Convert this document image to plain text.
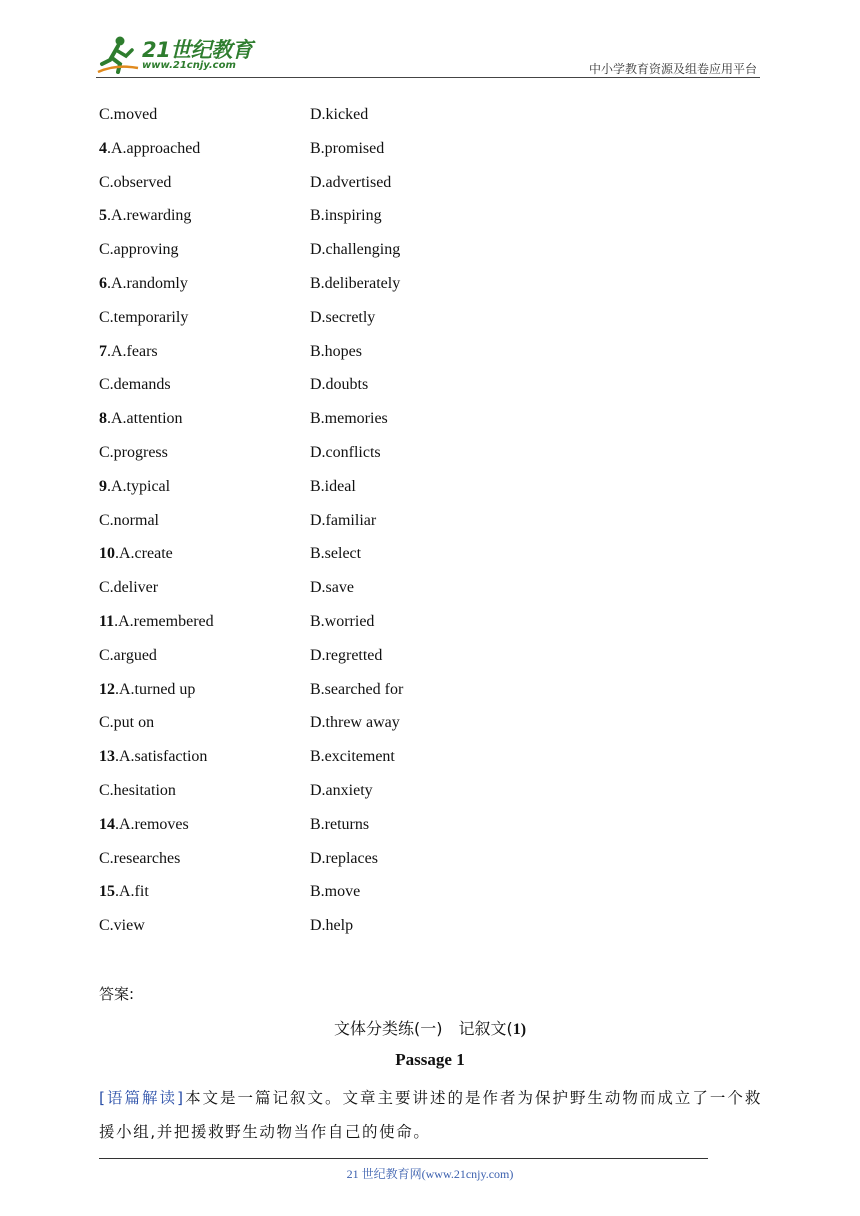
21世纪教育
www.21cnjy.com	中小学教育资源及组卷应用平台
C.moved	D.kicked
4.A.approached	B.promised
C.observed	D.advertised
5.A.rewarding	B.inspiring
C.approving	D.challenging
6.A.randomly	B.deliberately
C.temporarily	D.secretly
7.A.fears	B.hopes
C.demands	D.doubts
8.A.attention	B.memories
C.progress	D.conflicts
9.A.typical	B.ideal
C.normal	D.familiar
10.A.create	B.select
C.deliver	D.save
11.A.remembered	B.worried
C.argued	D.regretted
12.A.turned up	B.searched for
C.put on	D.threw away
13.A.satisfaction	B.excitement
C.hesitation	D.anxiety
14.A.removes	B.returns
C.researches	D.replaces
15.A.fit	B.move
C.view	D.help
答案:
文体分类练(一)　记叙文(1)
Passage 1
[语篇解读]本文是一篇记叙文。文章主要讲述的是作者为保护野生动物而成立了一个救援小组,并把援救野生动物当作自己的使命。
21 世纪教育网(www.21cnjy.com)
